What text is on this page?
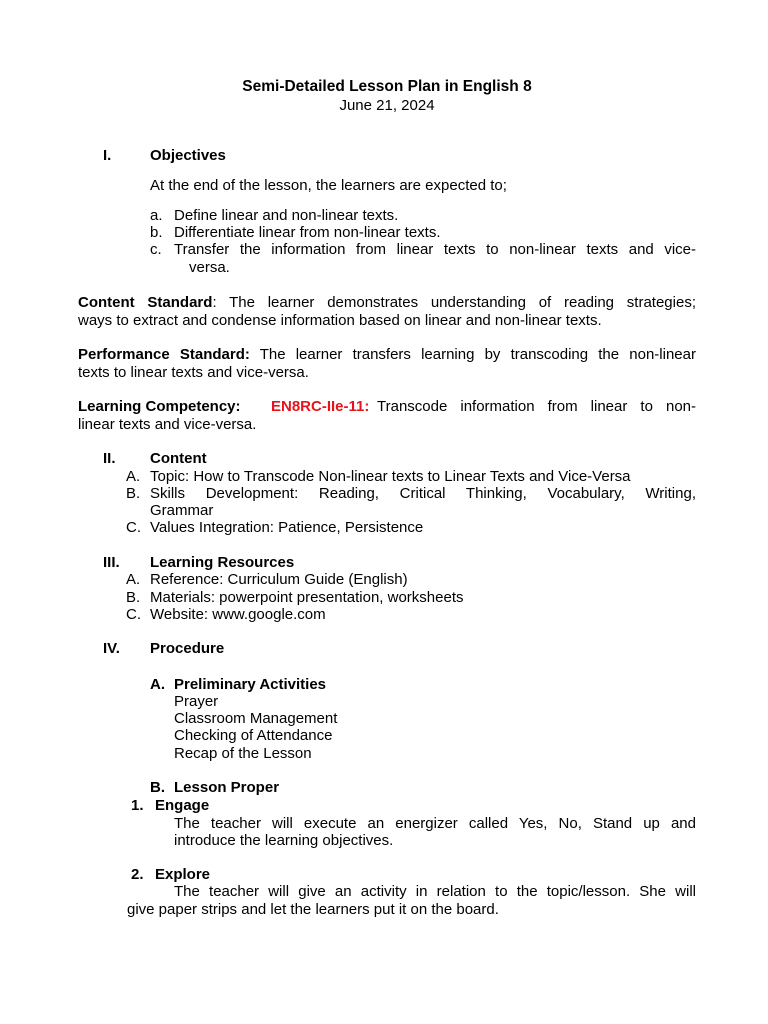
Semi-Detailed Lesson Plan in English 8
June 21, 2024
I.	Objectives
At the end of the lesson, the learners are expected to;
a. Define linear and non-linear texts.
b. Differentiate linear from non-linear texts.
c. Transfer the information from linear texts to non-linear texts and vice-
versa.
Content Standard: The learner demonstrates understanding of reading strategies;
ways to extract and condense information based on linear and non-linear texts.
Performance Standard: The learner transfers learning by transcoding the non-linear
texts to linear texts and vice-versa.
Learning Competency: EN8RC-IIe-11: Transcode information from linear to non-
linear texts and vice-versa.
II. Content
A. Topic: How to Transcode Non-linear texts to Linear Texts and Vice-Versa
B. Skills Development: Reading, Critical Thinking, Vocabulary, Writing,
Grammar
C. Values Integration: Patience, Persistence
III. Learning Resources
A. Reference: Curriculum Guide (English)
B. Materials: powerpoint presentation, worksheets
C. Website: www.google.com
IV. Procedure
A. Preliminary Activities
Prayer
Classroom Management
Checking of Attendance
Recap of the Lesson
B. Lesson Proper
1. Engage
The teacher will execute an energizer called Yes, No, Stand up and
introduce the learning objectives.
2. Explore
The teacher will give an activity in relation to the topic/lesson. She will
give paper strips and let the learners put it on the board.
